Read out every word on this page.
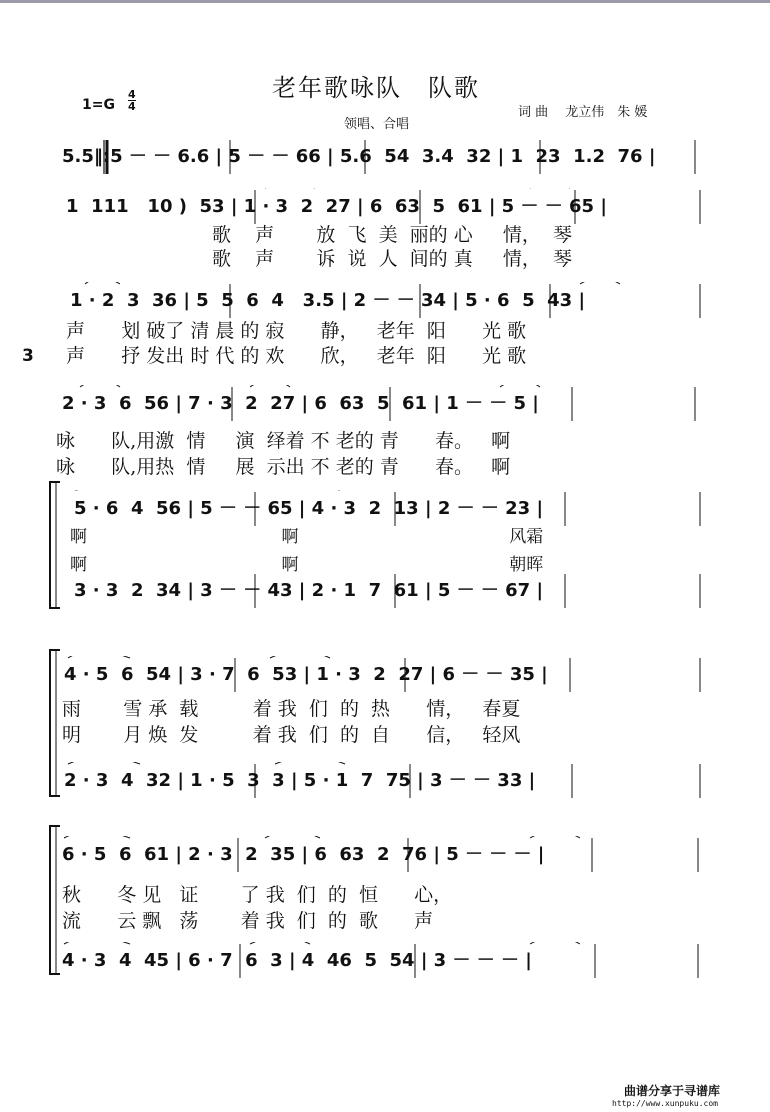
老年歌咏队　队歌
领唱、合唱
词 曲　 龙立伟　朱 媛
1=G
4
4
3
5.5‖:5 － － 6.6 | 5 － － 66 | 5.6  54  3.4  32 | 1  23  1.2  76 |
1  111   10 )  53 | 1 · 3  2  27 | 6  63  5  61 | 5 － － 65 |
歌    声       放  飞  美  丽的 心     情，  琴
歌    声       诉  说  人  间的 真     情，  琴
1 · 2  3  36 | 5  5  6  4   3.5 | 2 － － 34 | 5 · 6  5  43 |
声      划 破了 清 晨 的 寂      静，   老年  阳      光 歌
声      抒 发出 时 代 的 欢      欣，   老年  阳      光 歌
2 · 3  6  56 | 7 · 3  2  27 | 6  63  5  61 | 1 － － 5 |
咏      队,用激  情     演  绎着 不 老的 青      春。   啊
咏      队,用热  情     展  示出 不 老的 青      春。   啊
5 · 6  4  56 | 5 － － 65 | 4 · 3  2  13 | 2 － － 23 |
啊                                    啊                                       风霜
啊                                    啊                                       朝晖
3 · 3  2  34 | 3 － － 43 | 2 · 1  7  61 | 5 － － 67 |
4 · 5  6  54 | 3 · 7  6  53 | 1 · 3  2  27 | 6 － － 35 |
雨       雪 承  载         着 我  们  的  热      情，   春夏
明       月 焕  发         着 我  们  的  自      信，   轻风
2 · 3  4  32 | 1 · 5  3  3 | 5 · 1  7  75 | 3 － － 33 |
6 · 5  6  61 | 2 · 3  2  35 | 6  63  2  76 | 5 － － － |
秋      冬 见   证       了 我  们  的  恒      心，
流      云 飘   荡       着 我  们  的  歌      声
4 · 3  4  45 | 6 · 7  6  3 | 4  46  5  54 | 3 － － － |
曲谱分享于寻谱库
http://www.xunpuku.com
